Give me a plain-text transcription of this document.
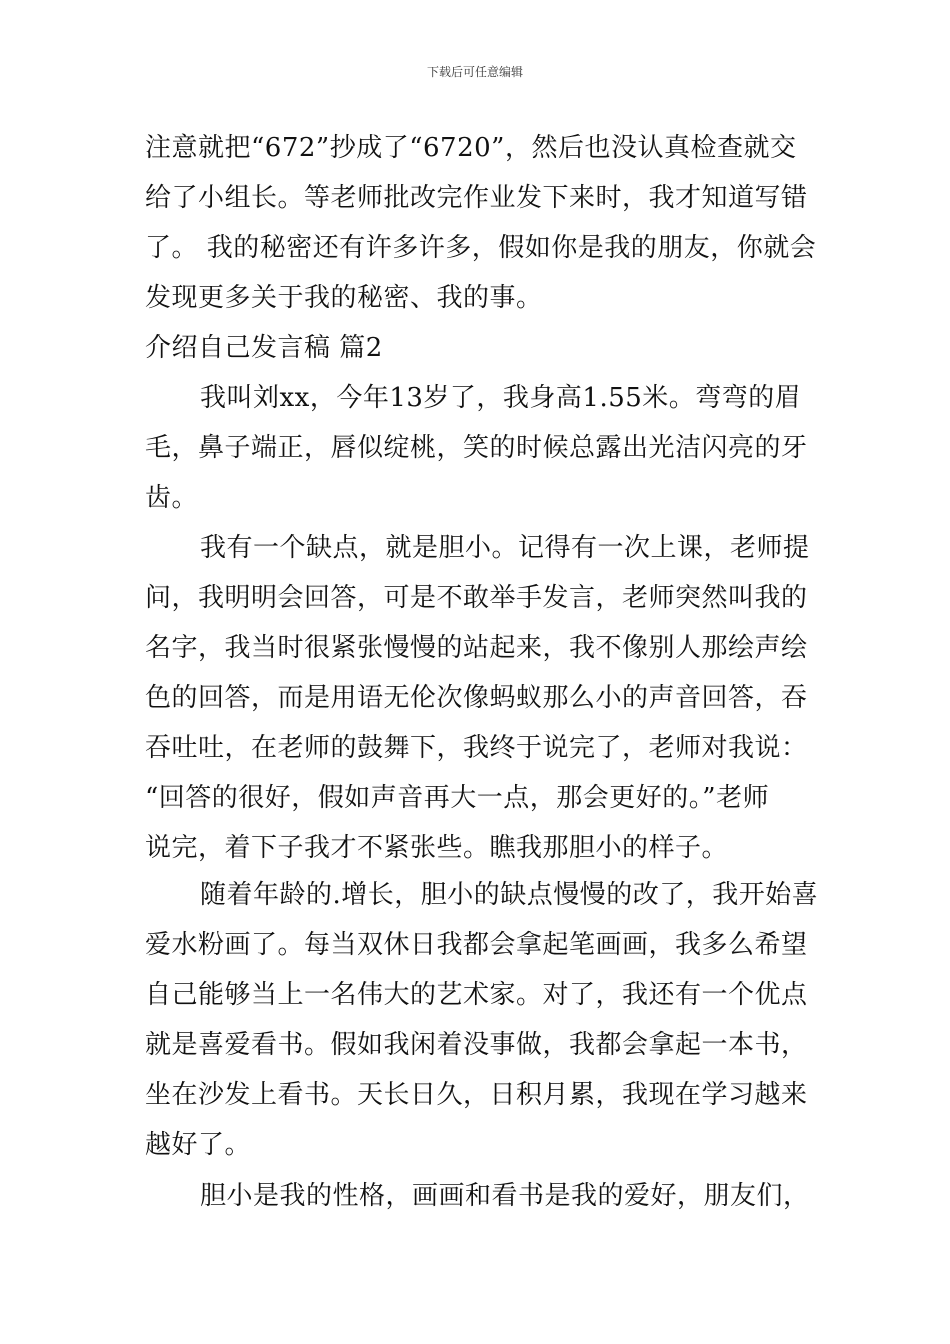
下载后可任意编辑
注意就把“672”抄成了“6720”，然后也没认真检查就交
给了小组长。等老师批改完作业发下来时，我才知道写错
了。 我的秘密还有许多许多，假如你是我的朋友，你就会
发现更多关于我的秘密、我的事。
介绍自己发言稿 篇2
我叫刘xx，今年13岁了，我身高1.55米。弯弯的眉
毛，鼻子端正，唇似绽桃，笑的时候总露出光洁闪亮的牙
齿。
我有一个缺点，就是胆小。记得有一次上课，老师提
问，我明明会回答，可是不敢举手发言，老师突然叫我的
名字，我当时很紧张慢慢的站起来，我不像别人那绘声绘
色的回答，而是用语无伦次像蚂蚁那么小的声音回答，吞
吞吐吐，在老师的鼓舞下，我终于说完了，老师对我说：
“回答的很好，假如声音再大一点，那会更好的。”老师
说完，着下子我才不紧张些。瞧我那胆小的样子。
随着年龄的.增长，胆小的缺点慢慢的改了，我开始喜
爱水粉画了。每当双休日我都会拿起笔画画，我多么希望
自己能够当上一名伟大的艺术家。对了，我还有一个优点
就是喜爱看书。假如我闲着没事做，我都会拿起一本书，
坐在沙发上看书。天长日久，日积月累，我现在学习越来
越好了。
胆小是我的性格，画画和看书是我的爱好，朋友们，
